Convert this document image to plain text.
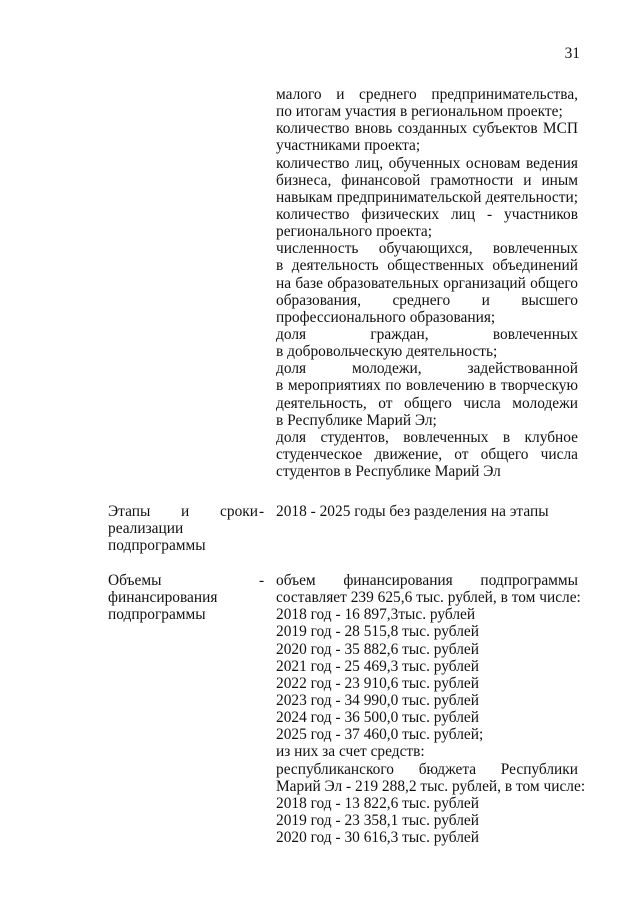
31
малого и среднего предпринимательства,
по итогам участия в региональном проекте;
количество вновь созданных субъектов МСП
участниками проекта;
количество лиц, обученных основам ведения
бизнеса, финансовой грамотности и иным
навыкам предпринимательской деятельности;
количество физических лиц - участников
регионального проекта;
численность обучающихся, вовлеченных
в деятельность общественных объединений
на базе образовательных организаций общего
образования, среднего и высшего
профессионального образования;
доля граждан, вовлеченных
в добровольческую деятельность;
доля молодежи, задействованной
в мероприятиях по вовлечению в творческую
деятельность, от общего числа молодежи
в Республике Марий Эл;
доля студентов, вовлеченных в клубное
студенческое движение, от общего числа
студентов в Республике Марий Эл
Этапы и сроки
реализации
подпрограммы
- 2018 - 2025 годы без разделения на этапы
Объемы
финансирования
подпрограммы
- объем финансирования подпрограммы
составляет 239 625,6 тыс. рублей, в том числе:
2018 год - 16 897,3тыс. рублей
2019 год - 28 515,8 тыс. рублей
2020 год - 35 882,6 тыс. рублей
2021 год - 25 469,3 тыс. рублей
2022 год - 23 910,6 тыс. рублей
2023 год - 34 990,0 тыс. рублей
2024 год - 36 500,0 тыс. рублей
2025 год - 37 460,0 тыс. рублей;
из них за счет средств:
республиканского бюджета Республики
Марий Эл - 219 288,2 тыс. рублей, в том числе:
2018 год - 13 822,6 тыс. рублей
2019 год - 23 358,1 тыс. рублей
2020 год - 30 616,3 тыс. рублей
